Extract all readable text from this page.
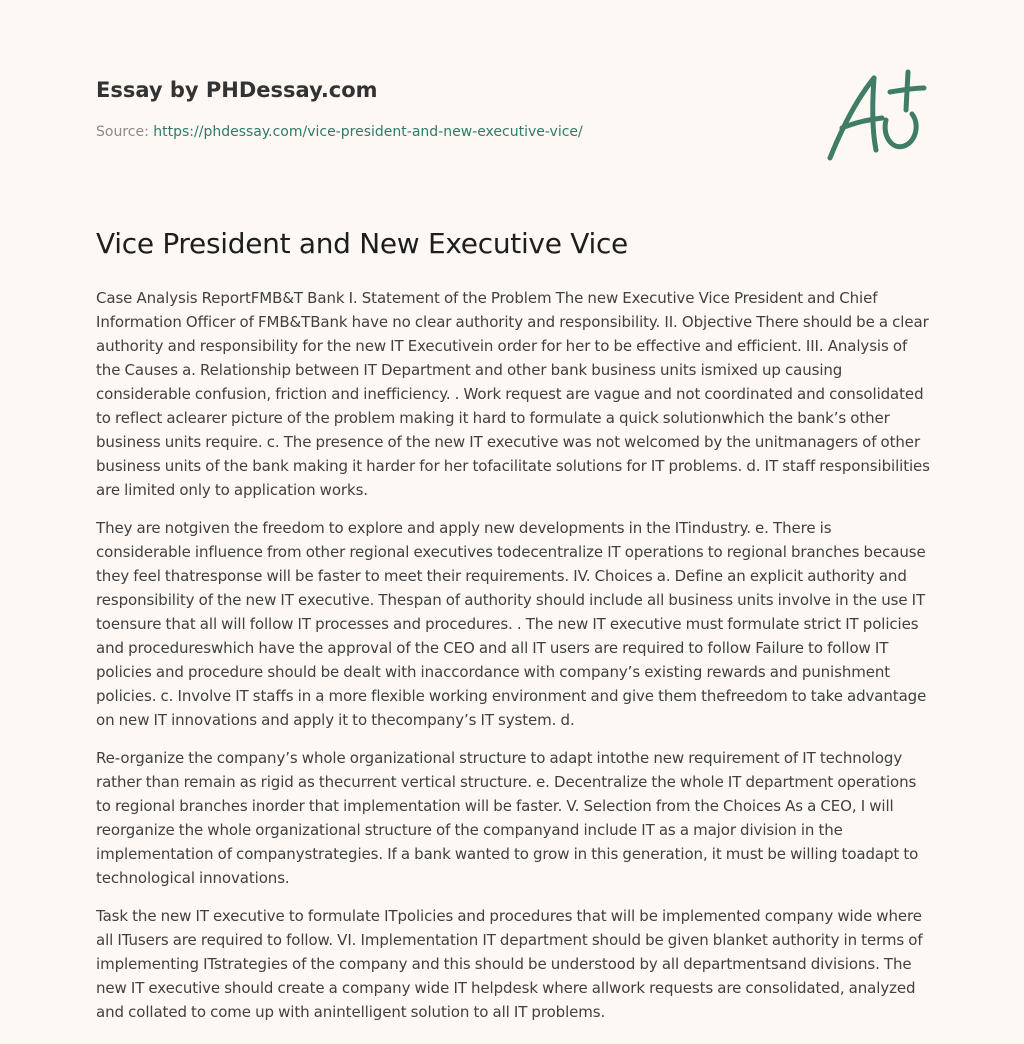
Essay by PHDessay.com
Source: https://phdessay.com/vice-president-and-new-executive-vice/
Vice President and New Executive Vice

Case Analysis ReportFMB&T Bank I. Statement of the Problem The new Executive Vice President and Chief Information Officer of FMB&TBank have no clear authority and responsibility. II. Objective There should be a clear authority and responsibility for the new IT Executivein order for her to be effective and efficient. III. Analysis of the Causes a. Relationship between IT Department and other bank business units ismixed up causing considerable confusion, friction and inefficiency. . Work request are vague and not coordinated and consolidated to reflect aclearer picture of the problem making it hard to formulate a quick solutionwhich the bank’s other business units require. c. The presence of the new IT executive was not welcomed by the unitmanagers of other business units of the bank making it harder for her tofacilitate solutions for IT problems. d. IT staff responsibilities are limited only to application works.

They are notgiven the freedom to explore and apply new developments in the ITindustry. e. There is considerable influence from other regional executives todecentralize IT operations to regional branches because they feel thatresponse will be faster to meet their requirements. IV. Choices a. Define an explicit authority and responsibility of the new IT executive. Thespan of authority should include all business units involve in the use IT toensure that all will follow IT processes and procedures. . The new IT executive must formulate strict IT policies and procedureswhich have the approval of the CEO and all IT users are required to follow Failure to follow IT policies and procedure should be dealt with inaccordance with company’s existing rewards and punishment policies. c. Involve IT staffs in a more flexible working environment and give them thefreedom to take advantage on new IT innovations and apply it to thecompany’s IT system. d.

Re-organize the company’s whole organizational structure to adapt intothe new requirement of IT technology rather than remain as rigid as thecurrent vertical structure. e. Decentralize the whole IT department operations to regional branches inorder that implementation will be faster. V. Selection from the Choices As a CEO, I will reorganize the whole organizational structure of the companyand include IT as a major division in the implementation of companystrategies. If a bank wanted to grow in this generation, it must be willing toadapt to technological innovations.

Task the new IT executive to formulate ITpolicies and procedures that will be implemented company wide where all ITusers are required to follow. VI. Implementation IT department should be given blanket authority in terms of implementing ITstrategies of the company and this should be understood by all departmentsand divisions. The new IT executive should create a company wide IT helpdesk where allwork requests are consolidated, analyzed and collated to come up with anintelligent solution to all IT problems.
